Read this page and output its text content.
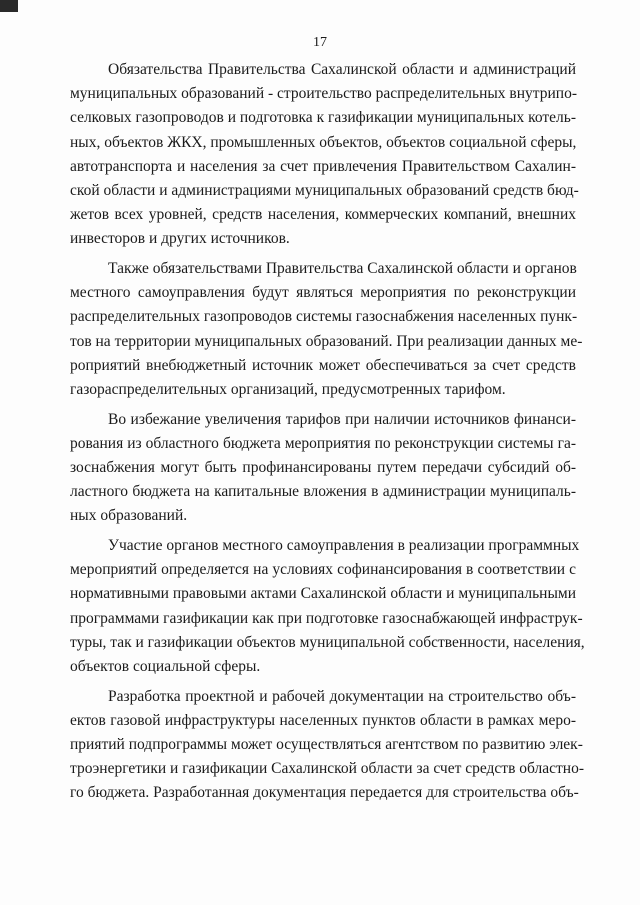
17
Обязательства Правительства Сахалинской области и администраций
муниципальных образований - строительство распределительных внутрипо-
селковых газопроводов и подготовка к газификации муниципальных котель-
ных, объектов ЖКХ, промышленных объектов, объектов социальной сферы,
автотранспорта и населения за счет привлечения Правительством Сахалин-
ской области и администрациями муниципальных образований средств бюд-
жетов всех уровней, средств населения, коммерческих компаний, внешних
инвесторов и других источников.
Также обязательствами Правительства Сахалинской области и органов
местного самоуправления будут являться мероприятия по реконструкции
распределительных газопроводов системы газоснабжения населенных пунк-
тов на территории муниципальных образований. При реализации данных ме-
роприятий внебюджетный источник может обеспечиваться за счет средств
газораспределительных организаций, предусмотренных тарифом.
Во избежание увеличения тарифов при наличии источников финанси-
рования из областного бюджета мероприятия по реконструкции системы га-
зоснабжения могут быть профинансированы путем передачи субсидий об-
ластного бюджета на капитальные вложения в администрации муниципаль-
ных образований.
Участие органов местного самоуправления в реализации программных
мероприятий определяется на условиях софинансирования в соответствии с
нормативными правовыми актами Сахалинской области и муниципальными
программами газификации как при подготовке газоснабжающей инфраструк-
туры, так и газификации объектов муниципальной собственности, населения,
объектов социальной сферы.
Разработка проектной и рабочей документации на строительство объ-
ектов газовой инфраструктуры населенных пунктов области в рамках меро-
приятий подпрограммы может осуществляться агентством по развитию элек-
троэнергетики и газификации Сахалинской области за счет средств областно-
го бюджета. Разработанная документация передается для строительства объ-
